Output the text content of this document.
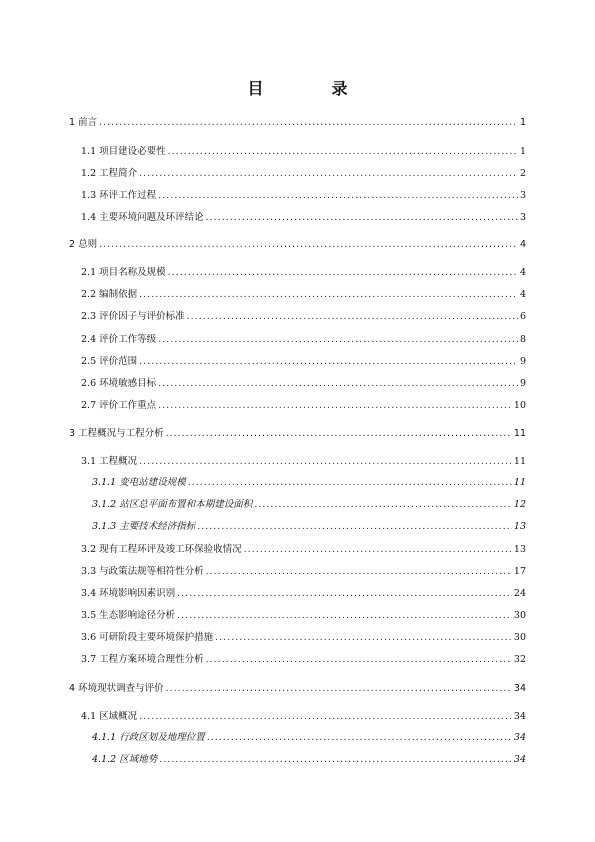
目　录
1 前言 .....	1
1.1 项目建设必要性 .....	1
1.2 工程简介 .....	2
1.3 环评工作过程 .....	3
1.4 主要环境问题及环评结论 .....	3
2 总则 .....	4
2.1 项目名称及规模 .....	4
2.2 编制依据 .....	4
2.3 评价因子与评价标准 .....	6
2.4 评价工作等级 .....	8
2.5 评价范围 .....	9
2.6 环境敏感目标 .....	9
2.7 评价工作重点 .....	10
3 工程概况与工程分析 .....	11
3.1 工程概况 .....	11
3.1.1 变电站建设规模 .....	11
3.1.2 站区总平面布置和本期建设面积 .....	12
3.1.3 主要技术经济指标 .....	13
3.2 现有工程环评及竣工环保验收情况 .....	13
3.3 与政策法规等相符性分析 .....	17
3.4 环境影响因素识别 .....	24
3.5 生态影响途径分析 .....	30
3.6 可研阶段主要环境保护措施 .....	30
3.7 工程方案环境合理性分析 .....	32
4 环境现状调查与评价 .....	34
4.1 区域概况 .....	34
4.1.1 行政区划及地理位置 .....	34
4.1.2 区域地势 .....	34
